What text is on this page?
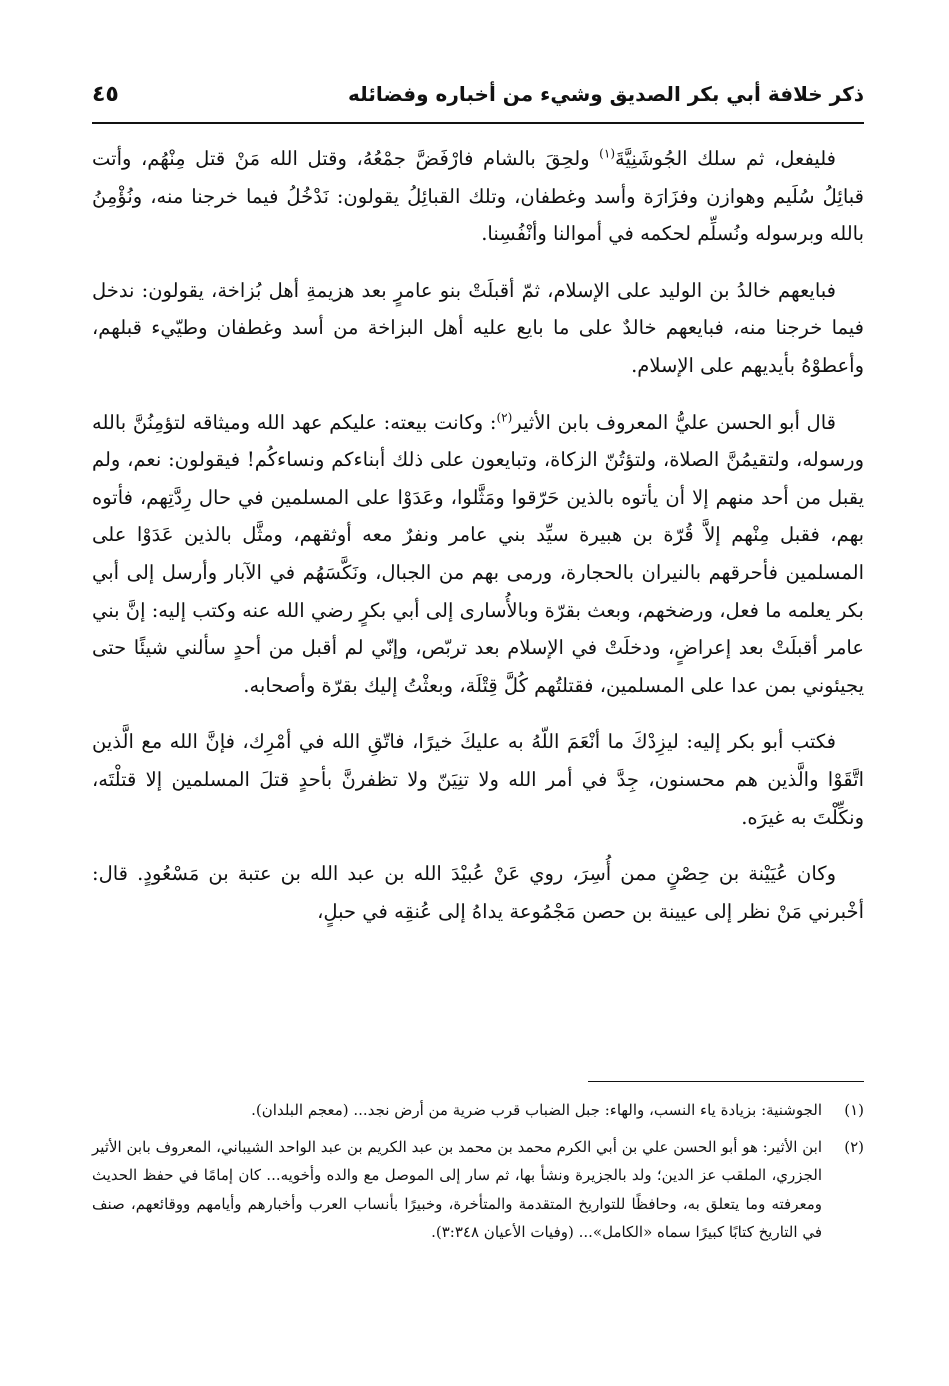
ذكر خلافة أبي بكر الصديق وشيء من أخباره وفضائله
٤٥

فليفعل، ثم سلك الجُوشَنِيَّةَ$^{(١)}$ ولحِقَ بالشام فارْفَضَّ جمْعُهُ، وقتل الله مَنْ قتل مِنْهُم، وأتت قبائِلُ سُلَيم وهوازن وفزَارَة وأسد وغطفان، وتلك القبائِلُ يقولون: نَدْخُلُ فيما خرجنا منه، ونُؤْمِنُ بالله وبرسوله ونُسلِّم لحكمه في أموالنا وأنْفُسِنا.

فبايعهم خالدُ بن الوليد على الإسلام، ثمّ أقبلَتْ بنو عامرٍ بعد هزيمةِ أهل بُزاخة، يقولون: ندخل فيما خرجنا منه، فبايعهم خالدٌ على ما بايع عليه أهل البزاخة من أسد وغطفان وطيّيء قبلهم، وأعطوْهُ بأيديهم على الإسلام.

قال أبو الحسن عليُّ المعروف بابن الأثير$^{(٢)}$: وكانت بيعته: عليكم عهد الله وميثاقه لتؤمِنُنَّ بالله ورسوله، ولتقيمُنَّ الصلاة، ولتؤتُنّ الزكاة، وتبايعون على ذلك أبناءكم ونساءكُم! فيقولون: نعم، ولم يقبل من أحد منهم إلا أن يأتوه بالذين حَرّقوا ومَثَّلوا، وعَدَوْا على المسلمين في حال رِدَّتِهم، فأتوه بهم، فقبل مِنْهم إلاَّ قُرّة بن هبيرة سيِّد بني عامر ونفرٌ معه أوثقهم، ومثَّل بالذين عَدَوْا على المسلمين فأحرقهم بالنيران بالحجارة، ورمى بهم من الجبال، ونَكَّسَهُم في الآبار وأرسل إلى أبي بكر يعلمه ما فعل، ورضخهم، وبعث بقرّة وبالأُسارى إلى أبي بكرٍ رضي الله عنه وكتب إليه: إنَّ بني عامر أقبلَتْ بعد إعراضٍ، ودخلَتْ في الإسلام بعد تربّص، وإنّي لم أقبل من أحدٍ سألني شيئًا حتى يجيئوني بمن عدا على المسلمين، فقتلتُهم كُلَّ قِتْلَة، وبعثْتُ إليك بقرّة وأصحابه.

فكتب أبو بكر إليه: ليزِدْكَ ما أنْعَمَ اللّهُ به عليكَ خيرًا، فاتّقِ الله في أمْرِك، فإنَّ الله مع الَّذين اتَّقَوْا والَّذين هم محسنون، جِدَّ في أمر الله ولا تنِيَنّ ولا تظفرنَّ بأحدٍ قتلَ المسلمين إلا قتلْتَه، ونكِّلْتَ به غيرَه.

وكان عُيَيْنة بن حِصْنٍ ممن أُسِرَ، روي عَنْ عُبيْدَ الله بن عبد الله بن عتبة بن مَسْعُودٍ. قال: أخْبرني مَنْ نظر إلى عيينة بن حصن مَجْمُوعة يداهُ إلى عُنقِه في حبلٍ،

(١)
الجوشنية: بزيادة ياء النسب، والهاء: جبل الضباب قرب ضرية من أرض نجد... (معجم البلدان).
(٢)
ابن الأثير: هو أبو الحسن علي بن أبي الكرم محمد بن محمد بن عبد الكريم بن عبد الواحد الشيباني، المعروف بابن الأثير الجزري، الملقب عز الدين؛ ولد بالجزيرة ونشأ بها، ثم سار إلى الموصل مع والده وأخويه... كان إمامًا في حفظ الحديث ومعرفته وما يتعلق به، وحافظًا للتواريخ المتقدمة والمتأخرة، وخبيرًا بأنساب العرب وأخبارهم وأيامهم ووقائعهم، صنف في التاريخ كتابًا كبيرًا سماه «الكامل»... (وفيات الأعيان ٣:٣٤٨).
